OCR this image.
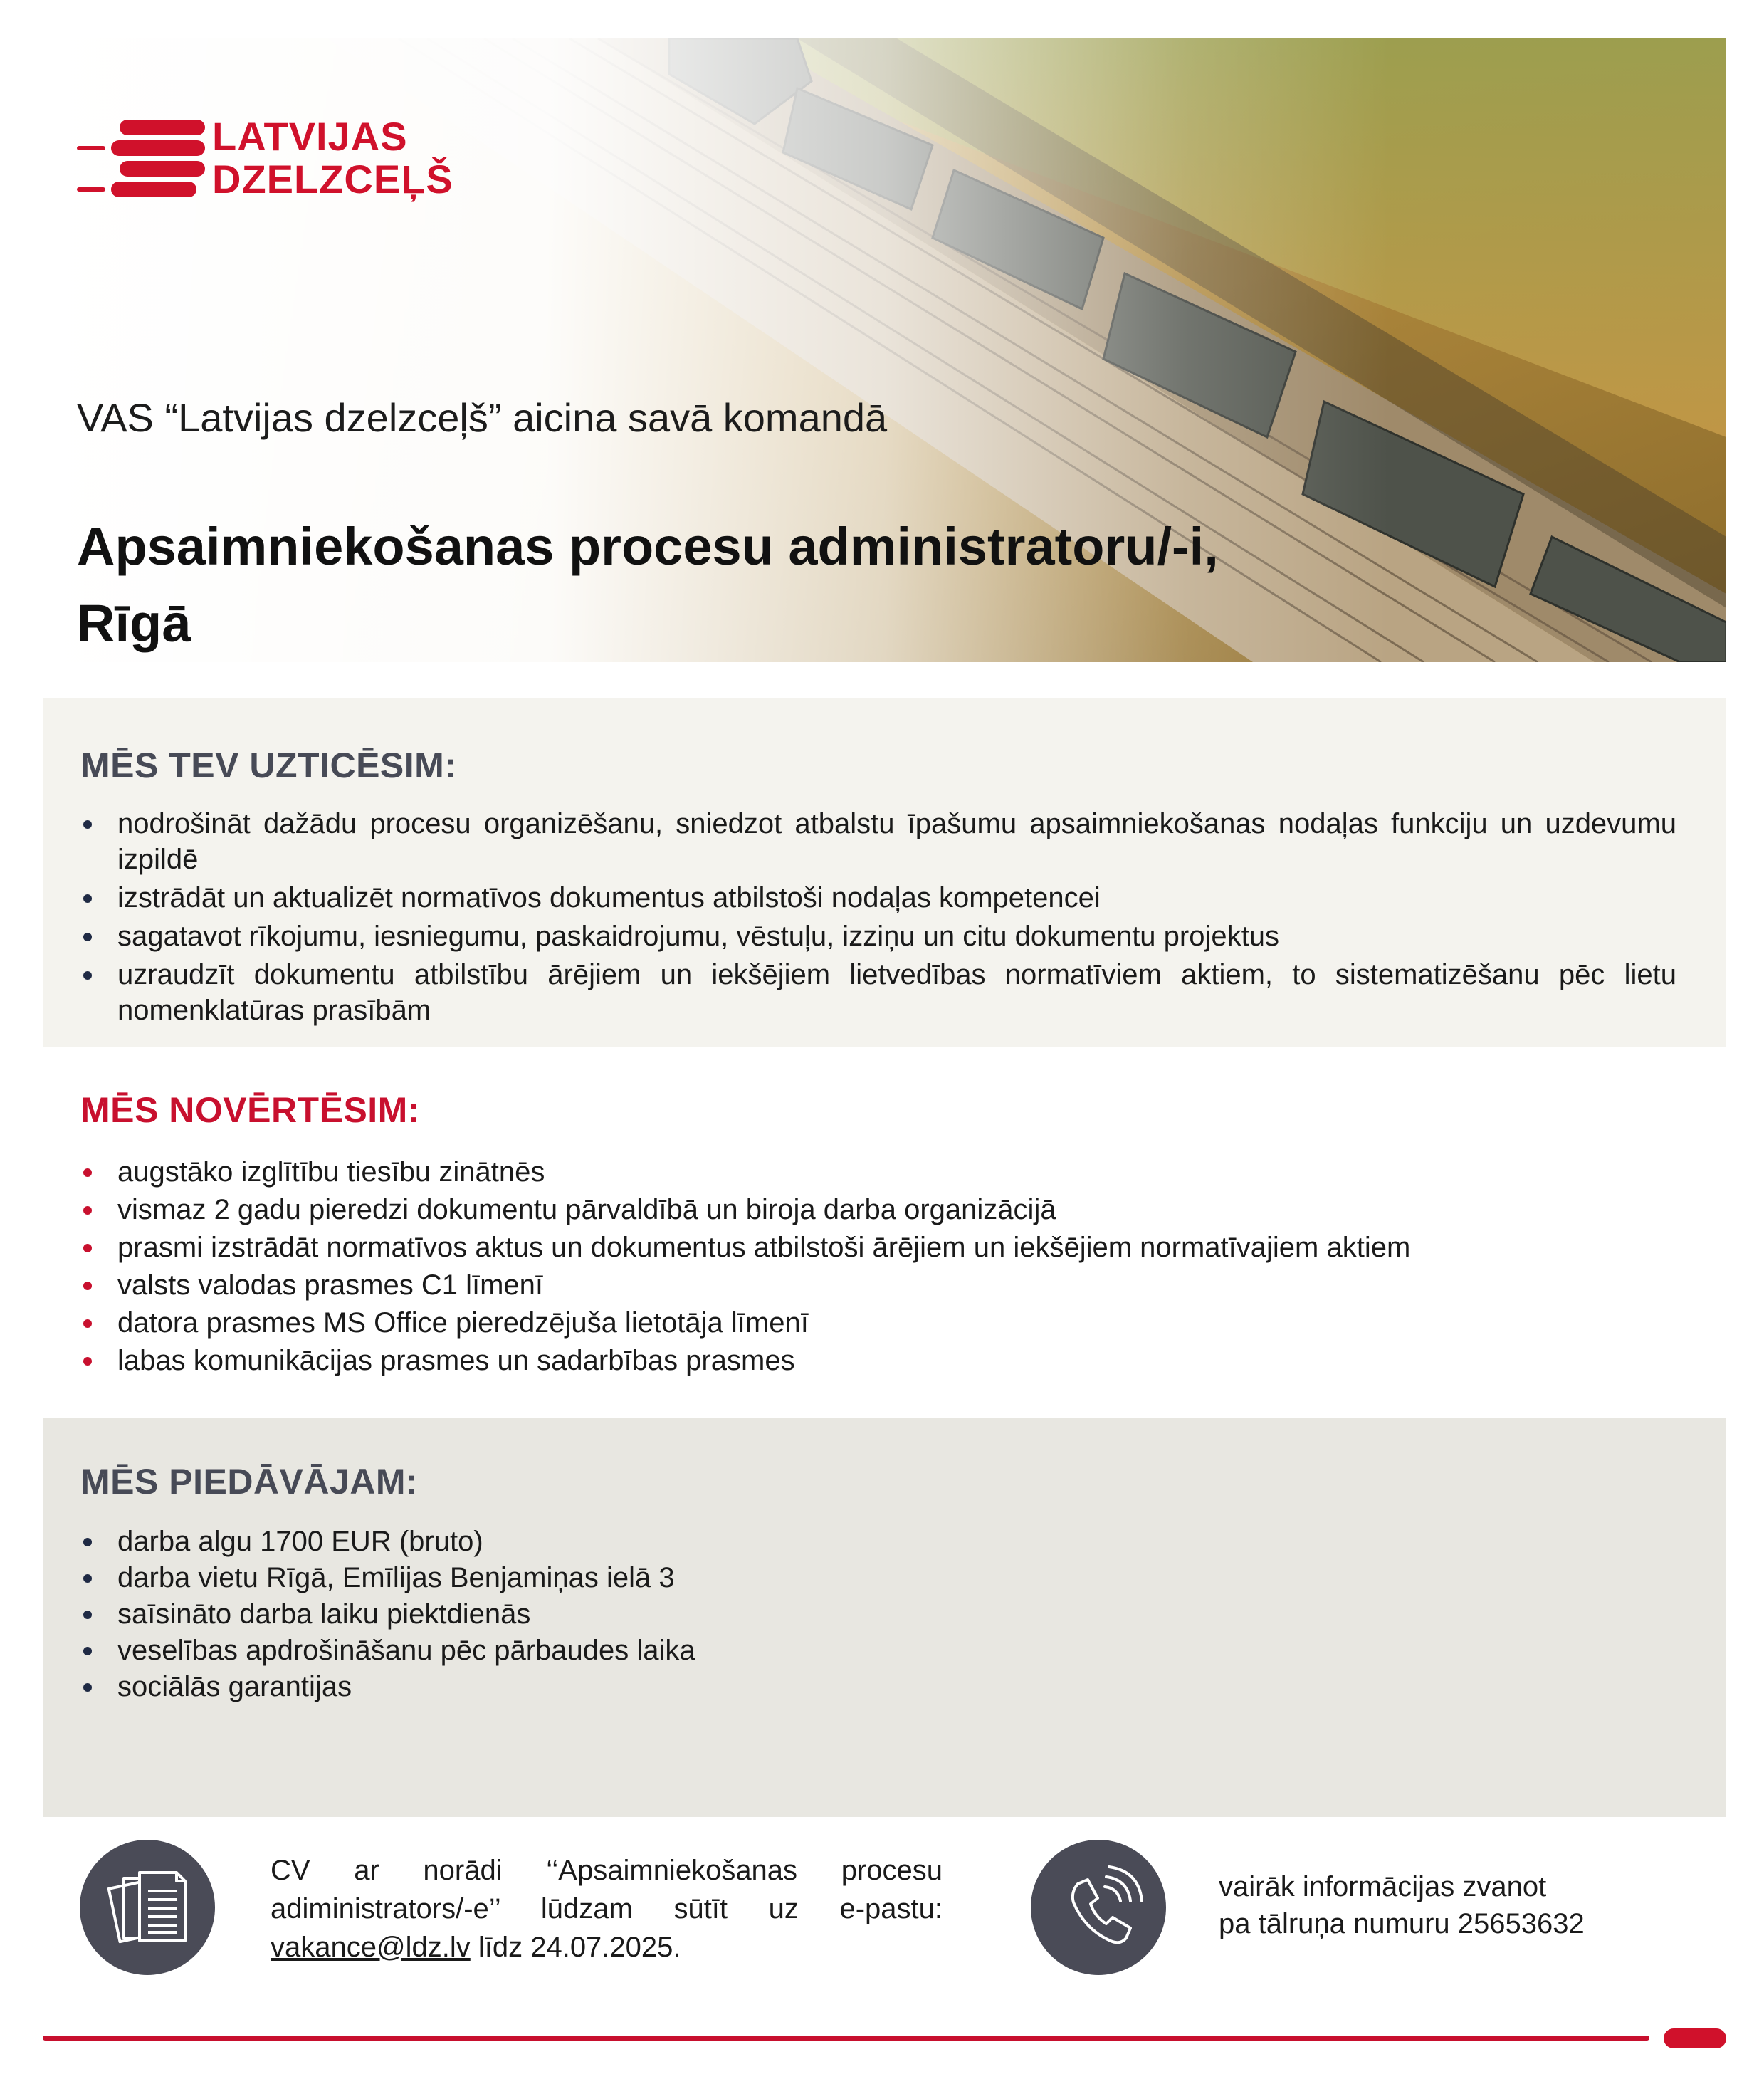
LATVIJAS
DZELZCEĻŠ
VAS “Latvijas dzelzceļš” aicina savā komandā
Apsaimniekošanas procesu administratoru/-i,
Rīgā
MĒS TEV UZTICĒSIM:
nodrošināt dažādu procesu organizēšanu, sniedzot atbalstu īpašumu apsaimniekošanas nodaļas funkciju un uzdevumu izpildē
izstrādāt un aktualizēt normatīvos dokumentus atbilstoši nodaļas kompetencei
sagatavot rīkojumu, iesniegumu, paskaidrojumu, vēstuļu, izziņu un citu dokumentu projektus
uzraudzīt dokumentu atbilstību ārējiem un iekšējiem lietvedības normatīviem aktiem, to sistematizēšanu pēc lietu nomenklatūras prasībām
MĒS NOVĒRTĒSIM:
augstāko izglītību tiesību zinātnēs
vismaz 2 gadu pieredzi dokumentu pārvaldībā un biroja darba organizācijā
prasmi izstrādāt normatīvos aktus un dokumentus atbilstoši ārējiem un iekšējiem normatīvajiem aktiem
valsts valodas prasmes C1 līmenī
datora prasmes MS Office pieredzējuša lietotāja līmenī
labas komunikācijas prasmes un sadarbības prasmes
MĒS PIEDĀVĀJAM:
darba algu 1700 EUR (bruto)
darba vietu Rīgā, Emīlijas Benjamiņas ielā 3
saīsināto darba laiku piektdienās
veselības apdrošināšanu pēc pārbaudes laika
sociālās garantijas
CV ar norādi ‘‘Apsaimniekošanas procesu adiministrators/-e’’ lūdzam sūtīt uz e-pastu: vakance@ldz.lv līdz 24.07.2025.
vairāk informācijas zvanot
pa tālruņa numuru 25653632
